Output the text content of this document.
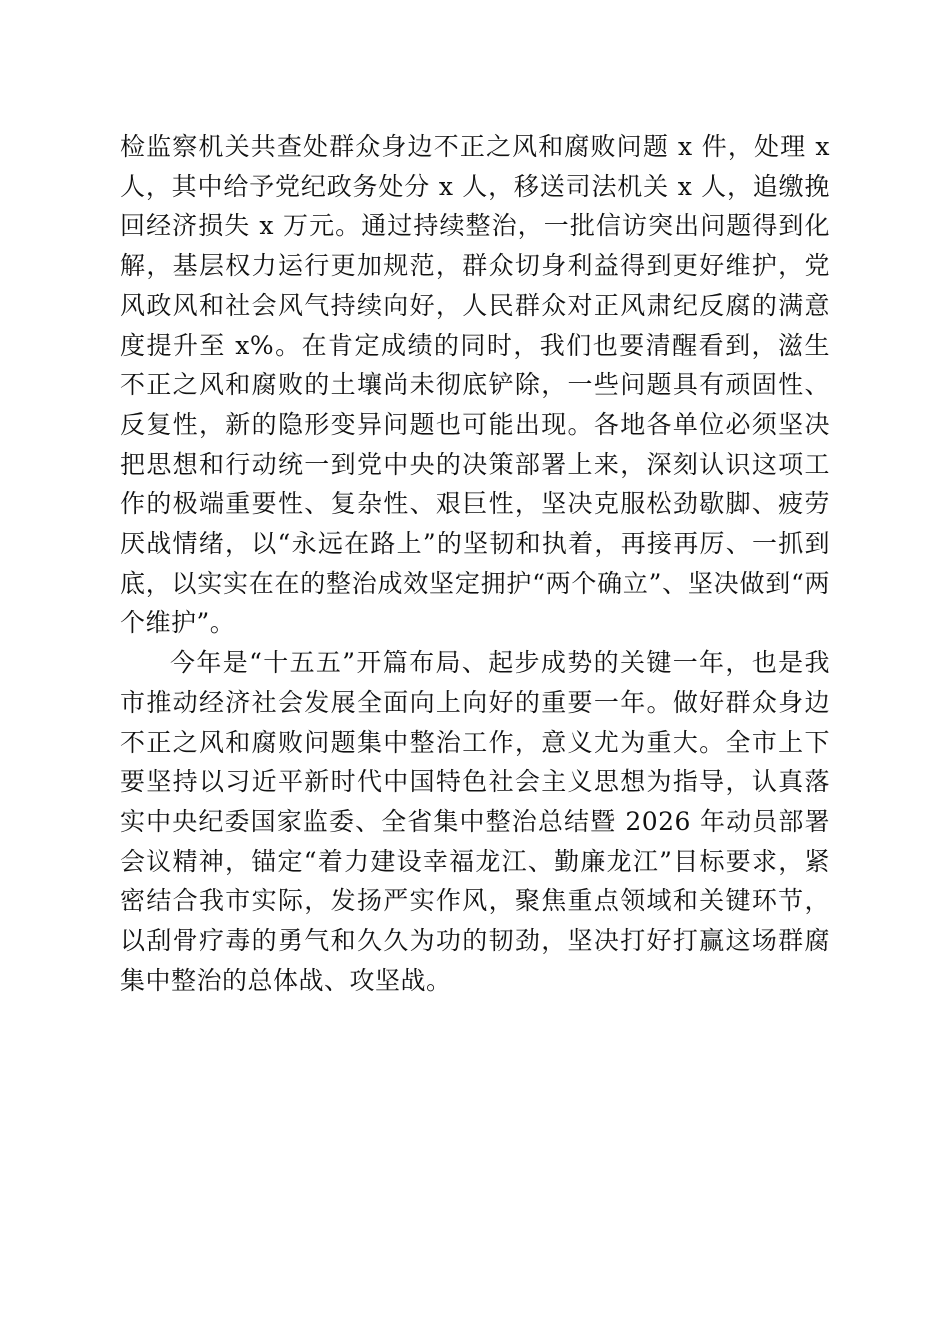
检监察机关共查处群众身边不正之风和腐败问题 x 件，处理 x 人，其中给予党纪政务处分 x 人，移送司法机关 x 人，追缴挽回经济损失 x 万元。通过持续整治，一批信访突出问题得到化解，基层权力运行更加规范，群众切身利益得到更好维护，党风政风和社会风气持续向好，人民群众对正风肃纪反腐的满意度提升至 x%。在肯定成绩的同时，我们也要清醒看到，滋生不正之风和腐败的土壤尚未彻底铲除，一些问题具有顽固性、反复性，新的隐形变异问题也可能出现。各地各单位必须坚决把思想和行动统一到党中央的决策部署上来，深刻认识这项工作的极端重要性、复杂性、艰巨性，坚决克服松劲歇脚、疲劳厌战情绪，以“永远在路上”的坚韧和执着，再接再厉、一抓到底，以实实在在的整治成效坚定拥护“两个确立”、坚决做到“两个维护”。

今年是“十五五”开篇布局、起步成势的关键一年，也是我市推动经济社会发展全面向上向好的重要一年。做好群众身边不正之风和腐败问题集中整治工作，意义尤为重大。全市上下要坚持以习近平新时代中国特色社会主义思想为指导，认真落实中央纪委国家监委、全省集中整治总结暨 2026 年动员部署会议精神，锚定“着力建设幸福龙江、勤廉龙江”目标要求，紧密结合我市实际，发扬严实作风，聚焦重点领域和关键环节，以刮骨疗毒的勇气和久久为功的韧劲，坚决打好打赢这场群腐集中整治的总体战、攻坚战。
